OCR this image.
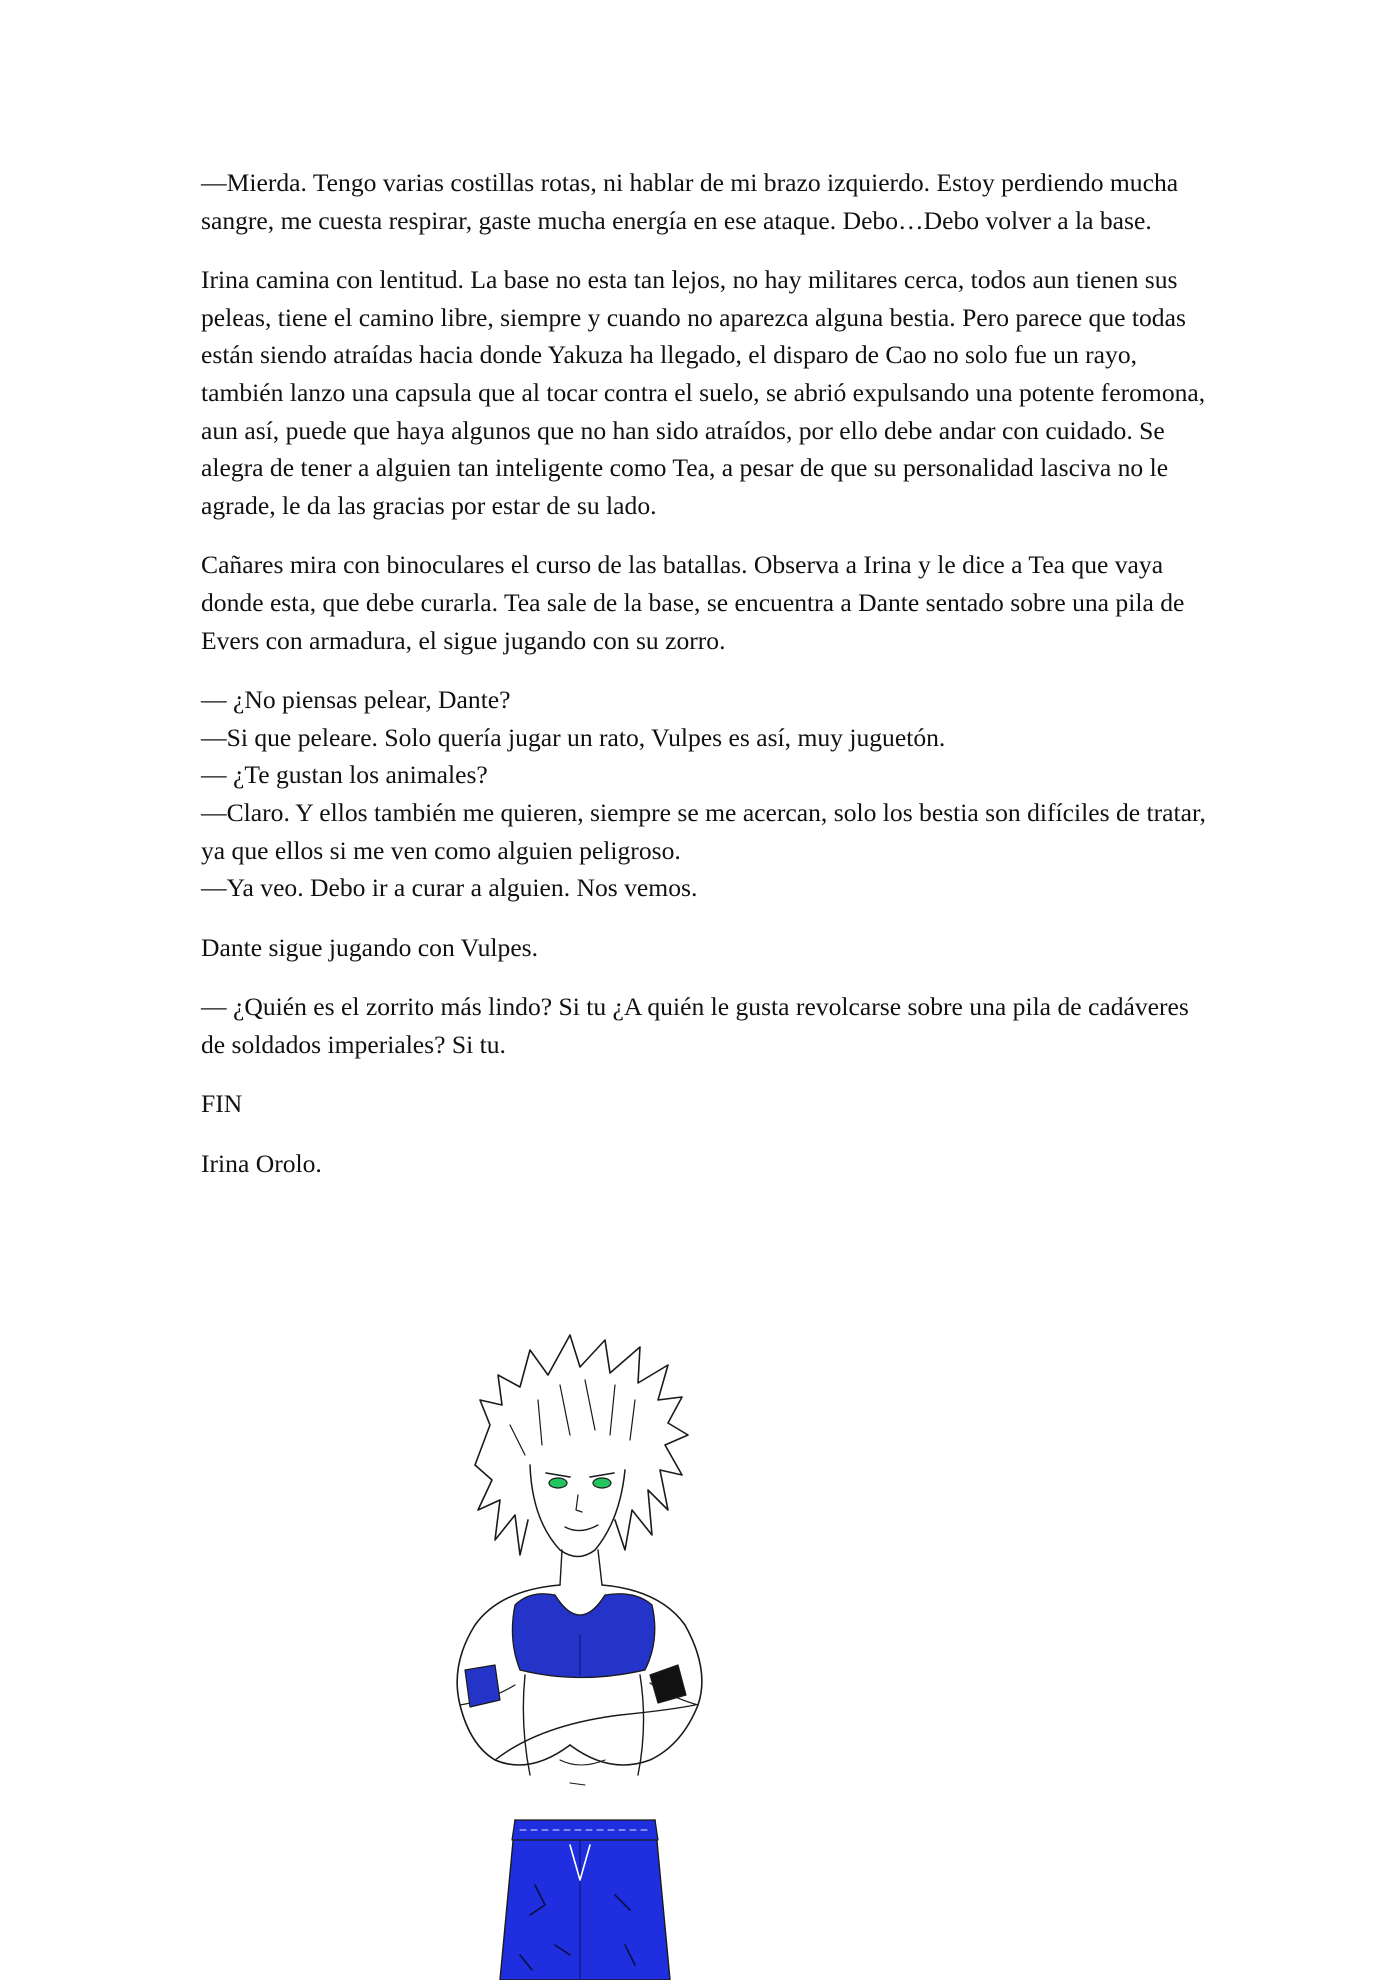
—Mierda. Tengo varias costillas rotas, ni hablar de mi brazo izquierdo. Estoy perdiendo mucha sangre, me cuesta respirar, gaste mucha energía en ese ataque. Debo…Debo volver a la base.

Irina camina con lentitud. La base no esta tan lejos, no hay militares cerca, todos aun tienen sus peleas, tiene el camino libre, siempre y cuando no aparezca alguna bestia. Pero parece que todas están siendo atraídas hacia donde Yakuza ha llegado, el disparo de Cao no solo fue un rayo, también lanzo una capsula que al tocar contra el suelo, se abrió expulsando una potente feromona, aun así, puede que haya algunos que no han sido atraídos, por ello debe andar con cuidado. Se alegra de tener a alguien tan inteligente como Tea, a pesar de que su personalidad lasciva no le agrade, le da las gracias por estar de su lado.

Cañares mira con binoculares el curso de las batallas. Observa a Irina y le dice a Tea que vaya donde esta, que debe curarla. Tea sale de la base, se encuentra a Dante sentado sobre una pila de Evers con armadura, el sigue jugando con su zorro.

— ¿No piensas pelear, Dante?
—Si que peleare. Solo quería jugar un rato, Vulpes es así, muy juguetón.
— ¿Te gustan los animales?
—Claro. Y ellos también me quieren, siempre se me acercan, solo los bestia son difíciles de tratar, ya que ellos si me ven como alguien peligroso.
—Ya veo. Debo ir a curar a alguien. Nos vemos.

Dante sigue jugando con Vulpes.

— ¿Quién es el zorrito más lindo? Si tu ¿A quién le gusta revolcarse sobre una pila de cadáveres de soldados imperiales? Si tu.

FIN

Irina Orolo.
